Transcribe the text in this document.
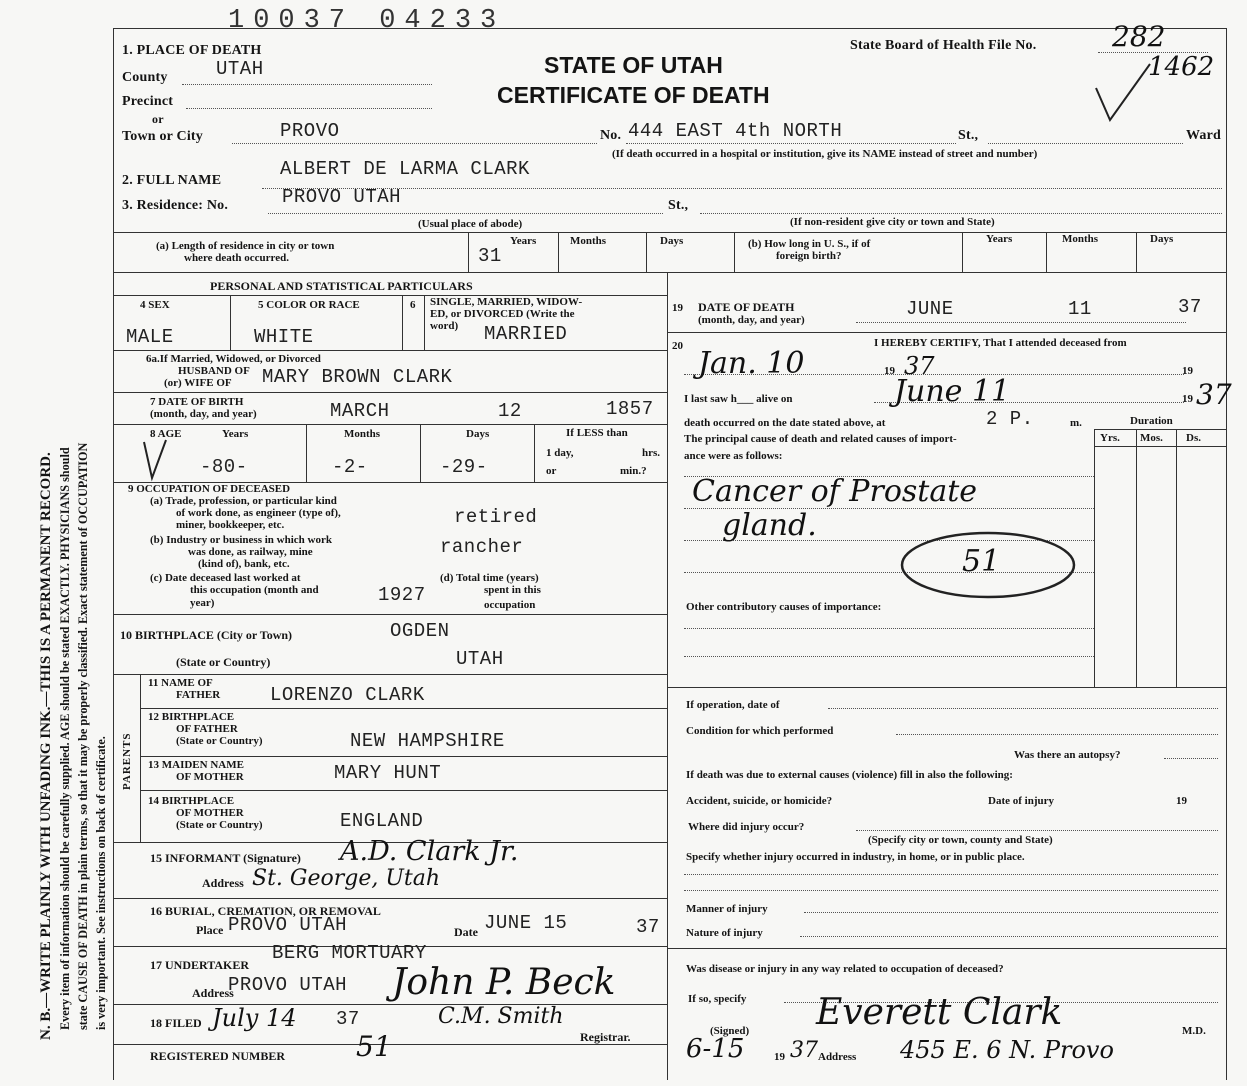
N. B.—WRITE PLAINLY WITH UNFADING INK.—THIS IS A PERMANENT RECORD. Every item of information should be carefully supplied. AGE should be stated EXACTLY. PHYSICIANS should state CAUSE OF DEATH in plain terms, so that it may be properly classified. Exact statement of OCCUPATION is very important. See instructions on back of certificate.
10037 04233
1. PLACE OF DEATH
County	UTAH
Precinct
or
Town or City	PROVO
STATE OF UTAH
CERTIFICATE OF DEATH
State Board of Health File No.	282
1462
No. 444 EAST 4th NORTH	St.,	Ward
(If death occurred in a hospital or institution, give its NAME instead of street and number)
2. FULL NAME
ALBERT DE LARMA CLARK
3. Residence: No.	PROVO UTAH	St.,
(Usual place of abode)	(If non-resident give city or town and State)
(a) Length of residence in city or town
where death occurred.
Years
31
Months	Days	(b) How long in U. S., if of
foreign birth?
Years	Months	Days
PERSONAL AND STATISTICAL PARTICULARS
4 SEX
MALE
5 COLOR OR RACE
WHITE
6 SINGLE, MARRIED, WIDOW-
ED, or DIVORCED (Write the
word) MARRIED
6a.If Married, Widowed, or Divorced
HUSBAND OF
(or) WIFE OF MARY BROWN CLARK
7 DATE OF BIRTH
(month, day, and year)	MARCH	12	1857
8 AGE	Years	Months	Days
-80-	-2-	-29-
If LESS than
1 day,	hrs.
or	min.?
9 OCCUPATION OF DECEASED
(a) Trade, profession, or particular kind
of work done, as engineer (type of),
miner, bookkeeper, etc.	retired
(b) Industry or business in which work
was done, as railway, mine
(kind of), bank, etc.
rancher
(c) Date deceased last worked at
this occupation (month and
year)	1927
(d) Total time (years)
spent in this
occupation
10 BIRTHPLACE (City or Town)	OGDEN
(State or Country)	UTAH
PARENTS
11 NAME OF
FATHER	LORENZO CLARK
12 BIRTHPLACE
OF FATHER
(State or Country)	NEW HAMPSHIRE
13 MAIDEN NAME
OF MOTHER	MARY HUNT
14 BIRTHPLACE
OF MOTHER
(State or Country)	ENGLAND
15 INFORMANT (Signature) A.D. Clark Jr.
Address St. George, Utah
16 BURIAL, CREMATION, OR REMOVAL
Place PROVO UTAH	Date JUNE 15	37
BERG MORTUARY
17 UNDERTAKER
Address
PROVO UTAH John P. Beck
18 FILED July 14 37	C.M. Smith
Registrar.
REGISTERED NUMBER	51
19 DATE OF DEATH
(month, day, and year)	JUNE	11	37
20	I HEREBY CERTIFY, That I attended deceased from
Jan. 10	19 37	19
I last saw h___ alive on	June 11	19 37
death occurred on the date stated above, at	2 P.	m.	Duration
The principal cause of death and related causes of import-
ance were as follows:
Yrs. Mos. Ds.
Cancer of Prostate
gland.
51
Other contributory causes of importance:
If operation, date of
Condition for which performed
Was there an autopsy?
If death was due to external causes (violence) fill in also the following:
Accident, suicide, or homicide?	Date of injury	19
Where did injury occur?
(Specify city or town, county and State)
Specify whether injury occurred in industry, in home, or in public place.
Manner of injury
Nature of injury
Was disease or injury in any way related to occupation of deceased?
If so, specify Everett Clark
(Signed)	M.D.
6-15	19 37 Address 455 E. 6 N. Provo
